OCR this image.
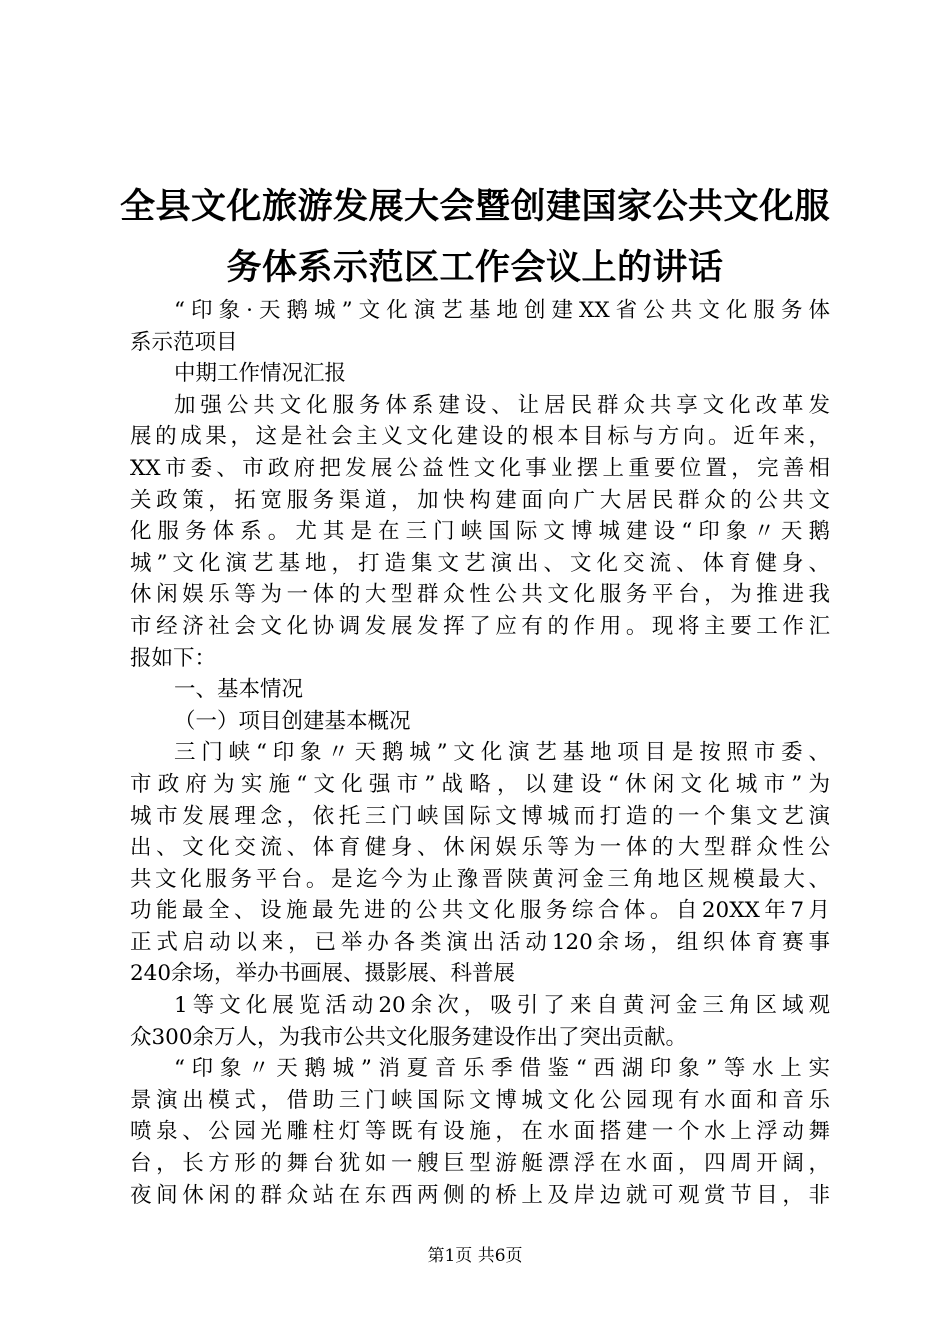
全县文化旅游发展大会暨创建国家公共文化服
务体系示范区工作会议上的讲话
“印象·天鹅城”文化演艺基地创建XX省公共文化服务体
系示范项目
中期工作情况汇报
加强公共文化服务体系建设、让居民群众共享文化改革发
展的成果，这是社会主义文化建设的根本目标与方向。近年来，
XX市委、市政府把发展公益性文化事业摆上重要位置，完善相
关政策，拓宽服务渠道，加快构建面向广大居民群众的公共文
化服务体系。尤其是在三门峡国际文博城建设“印象〃天鹅
城”文化演艺基地，打造集文艺演出、文化交流、体育健身、
休闲娱乐等为一体的大型群众性公共文化服务平台，为推进我
市经济社会文化协调发展发挥了应有的作用。现将主要工作汇
报如下：
一、基本情况
（一）项目创建基本概况
三门峡“印象〃天鹅城”文化演艺基地项目是按照市委、
市政府为实施“文化强市”战略，以建设“休闲文化城市”为
城市发展理念，依托三门峡国际文博城而打造的一个集文艺演
出、文化交流、体育健身、休闲娱乐等为一体的大型群众性公
共文化服务平台。是迄今为止豫晋陕黄河金三角地区规模最大、
功能最全、设施最先进的公共文化服务综合体。自20XX年7月
正式启动以来，已举办各类演出活动120余场，组织体育赛事
240余场，举办书画展、摄影展、科普展
1等文化展览活动20余次，吸引了来自黄河金三角区域观
众300余万人，为我市公共文化服务建设作出了突出贡献。
“印象〃天鹅城”消夏音乐季借鉴“西湖印象”等水上实
景演出模式，借助三门峡国际文博城文化公园现有水面和音乐
喷泉、公园光雕柱灯等既有设施，在水面搭建一个水上浮动舞
台，长方形的舞台犹如一艘巨型游艇漂浮在水面，四周开阔，
夜间休闲的群众站在东西两侧的桥上及岸边就可观赏节目，非
第1页 共6页
